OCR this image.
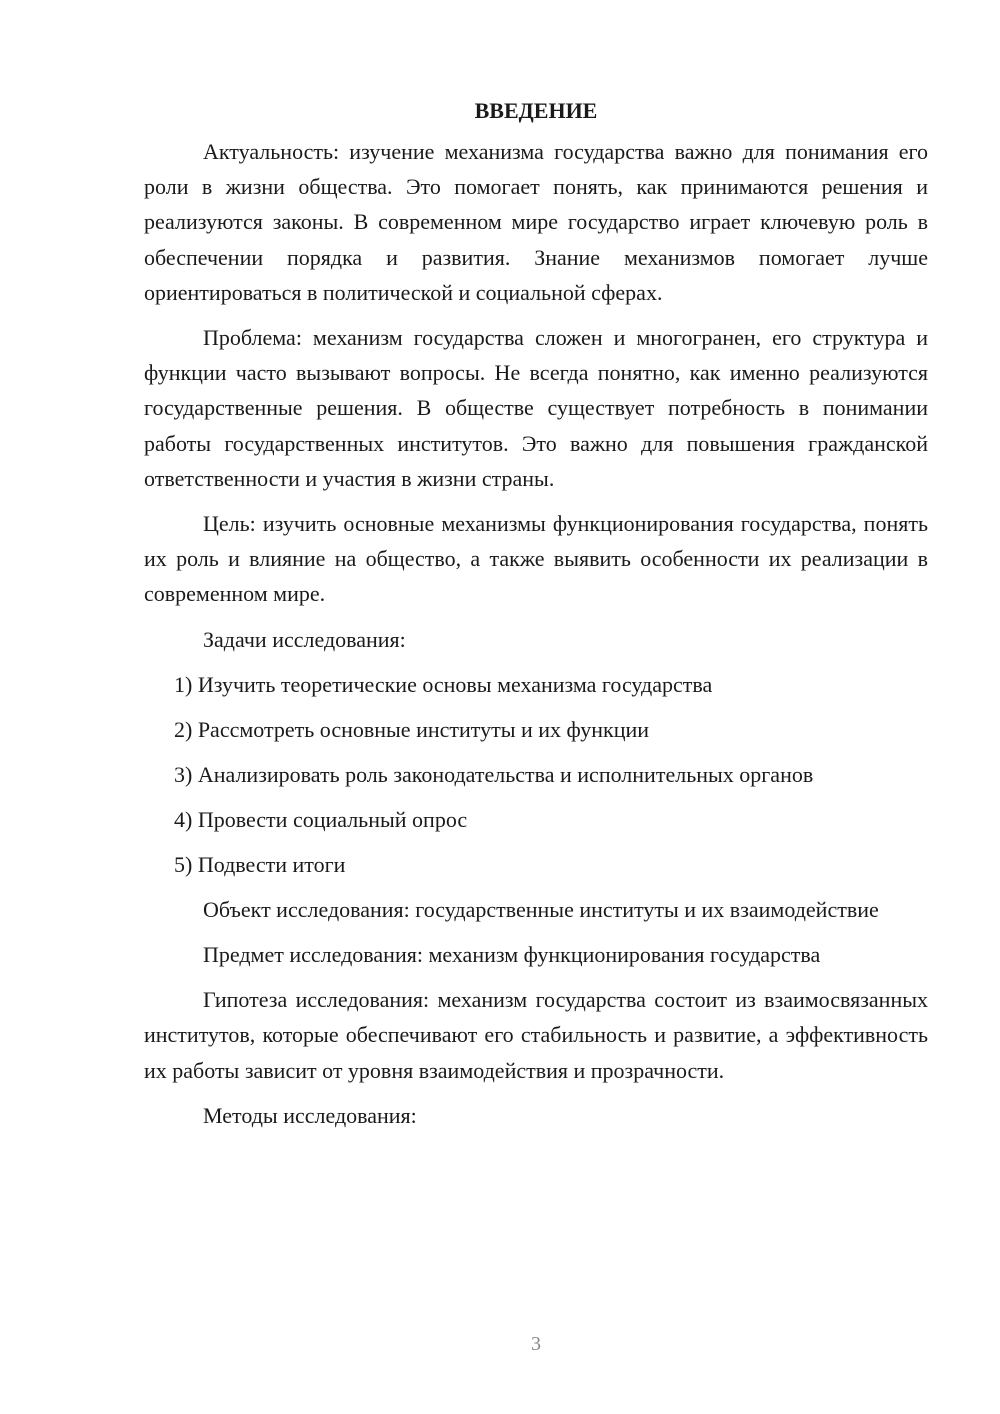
ВВЕДЕНИЕ

Актуальность: изучение механизма государства важно для понимания его роли в жизни общества. Это помогает понять, как принимаются решения и реализуются законы. В современном мире государство играет ключевую роль в обеспечении порядка и развития. Знание механизмов помогает лучше ориентироваться в политической и социальной сферах.

Проблема: механизм государства сложен и многогранен, его структура и функции часто вызывают вопросы. Не всегда понятно, как именно реализуются государственные решения. В обществе существует потребность в понимании работы государственных институтов. Это важно для повышения гражданской ответственности и участия в жизни страны.

Цель: изучить основные механизмы функционирования государства, понять их роль и влияние на общество, а также выявить особенности их реализации в современном мире.

Задачи исследования:

1) Изучить теоретические основы механизма государства

2) Рассмотреть основные институты и их функции

3) Анализировать роль законодательства и исполнительных органов

4) Провести социальный опрос

5) Подвести итоги

Объект исследования: государственные институты и их взаимодействие

Предмет исследования: механизм функционирования государства

Гипотеза исследования: механизм государства состоит из взаимосвязанных институтов, которые обеспечивают его стабильность и развитие, а эффективность их работы зависит от уровня взаимодействия и прозрачности.

Методы исследования:

3
